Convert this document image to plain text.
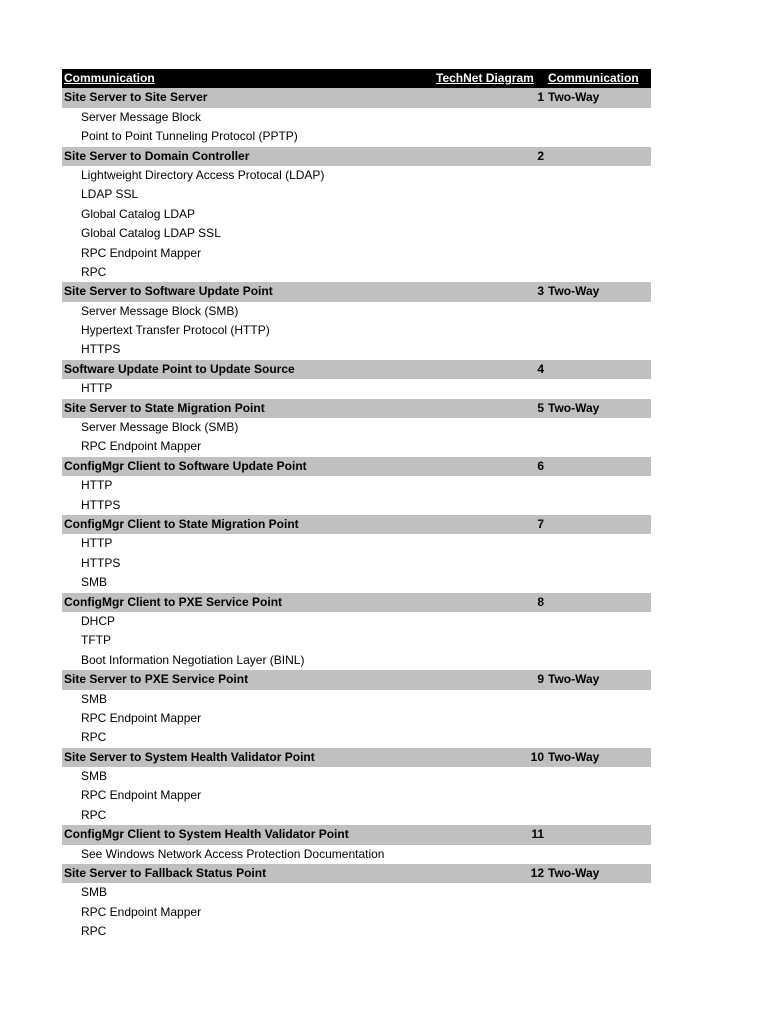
Communication	TechNet Diagram	Communication
Site Server to Site Server	1 Two-Way
Server Message Block
Point to Point Tunneling Protocol (PPTP)
Site Server to Domain Controller	2
Lightweight Directory Access Protocal (LDAP)
LDAP SSL
Global Catalog LDAP
Global Catalog LDAP SSL
RPC Endpoint Mapper
RPC
Site Server to Software Update Point	3 Two-Way
Server Message Block (SMB)
Hypertext Transfer Protocol (HTTP)
HTTPS
Software Update Point to Update Source	4
HTTP
Site Server to State Migration Point	5 Two-Way
Server Message Block (SMB)
RPC Endpoint Mapper
ConfigMgr Client to Software Update Point	6
HTTP
HTTPS
ConfigMgr Client to State Migration Point	7
HTTP
HTTPS
SMB
ConfigMgr Client to PXE Service Point	8
DHCP
TFTP
Boot Information Negotiation Layer (BINL)
Site Server to PXE Service Point	9 Two-Way
SMB
RPC Endpoint Mapper
RPC
Site Server to System Health Validator Point	10 Two-Way
SMB
RPC Endpoint Mapper
RPC
ConfigMgr Client to System Health Validator Point	11
See Windows Network Access Protection Documentation
Site Server to Fallback Status Point	12 Two-Way
SMB
RPC Endpoint Mapper
RPC
